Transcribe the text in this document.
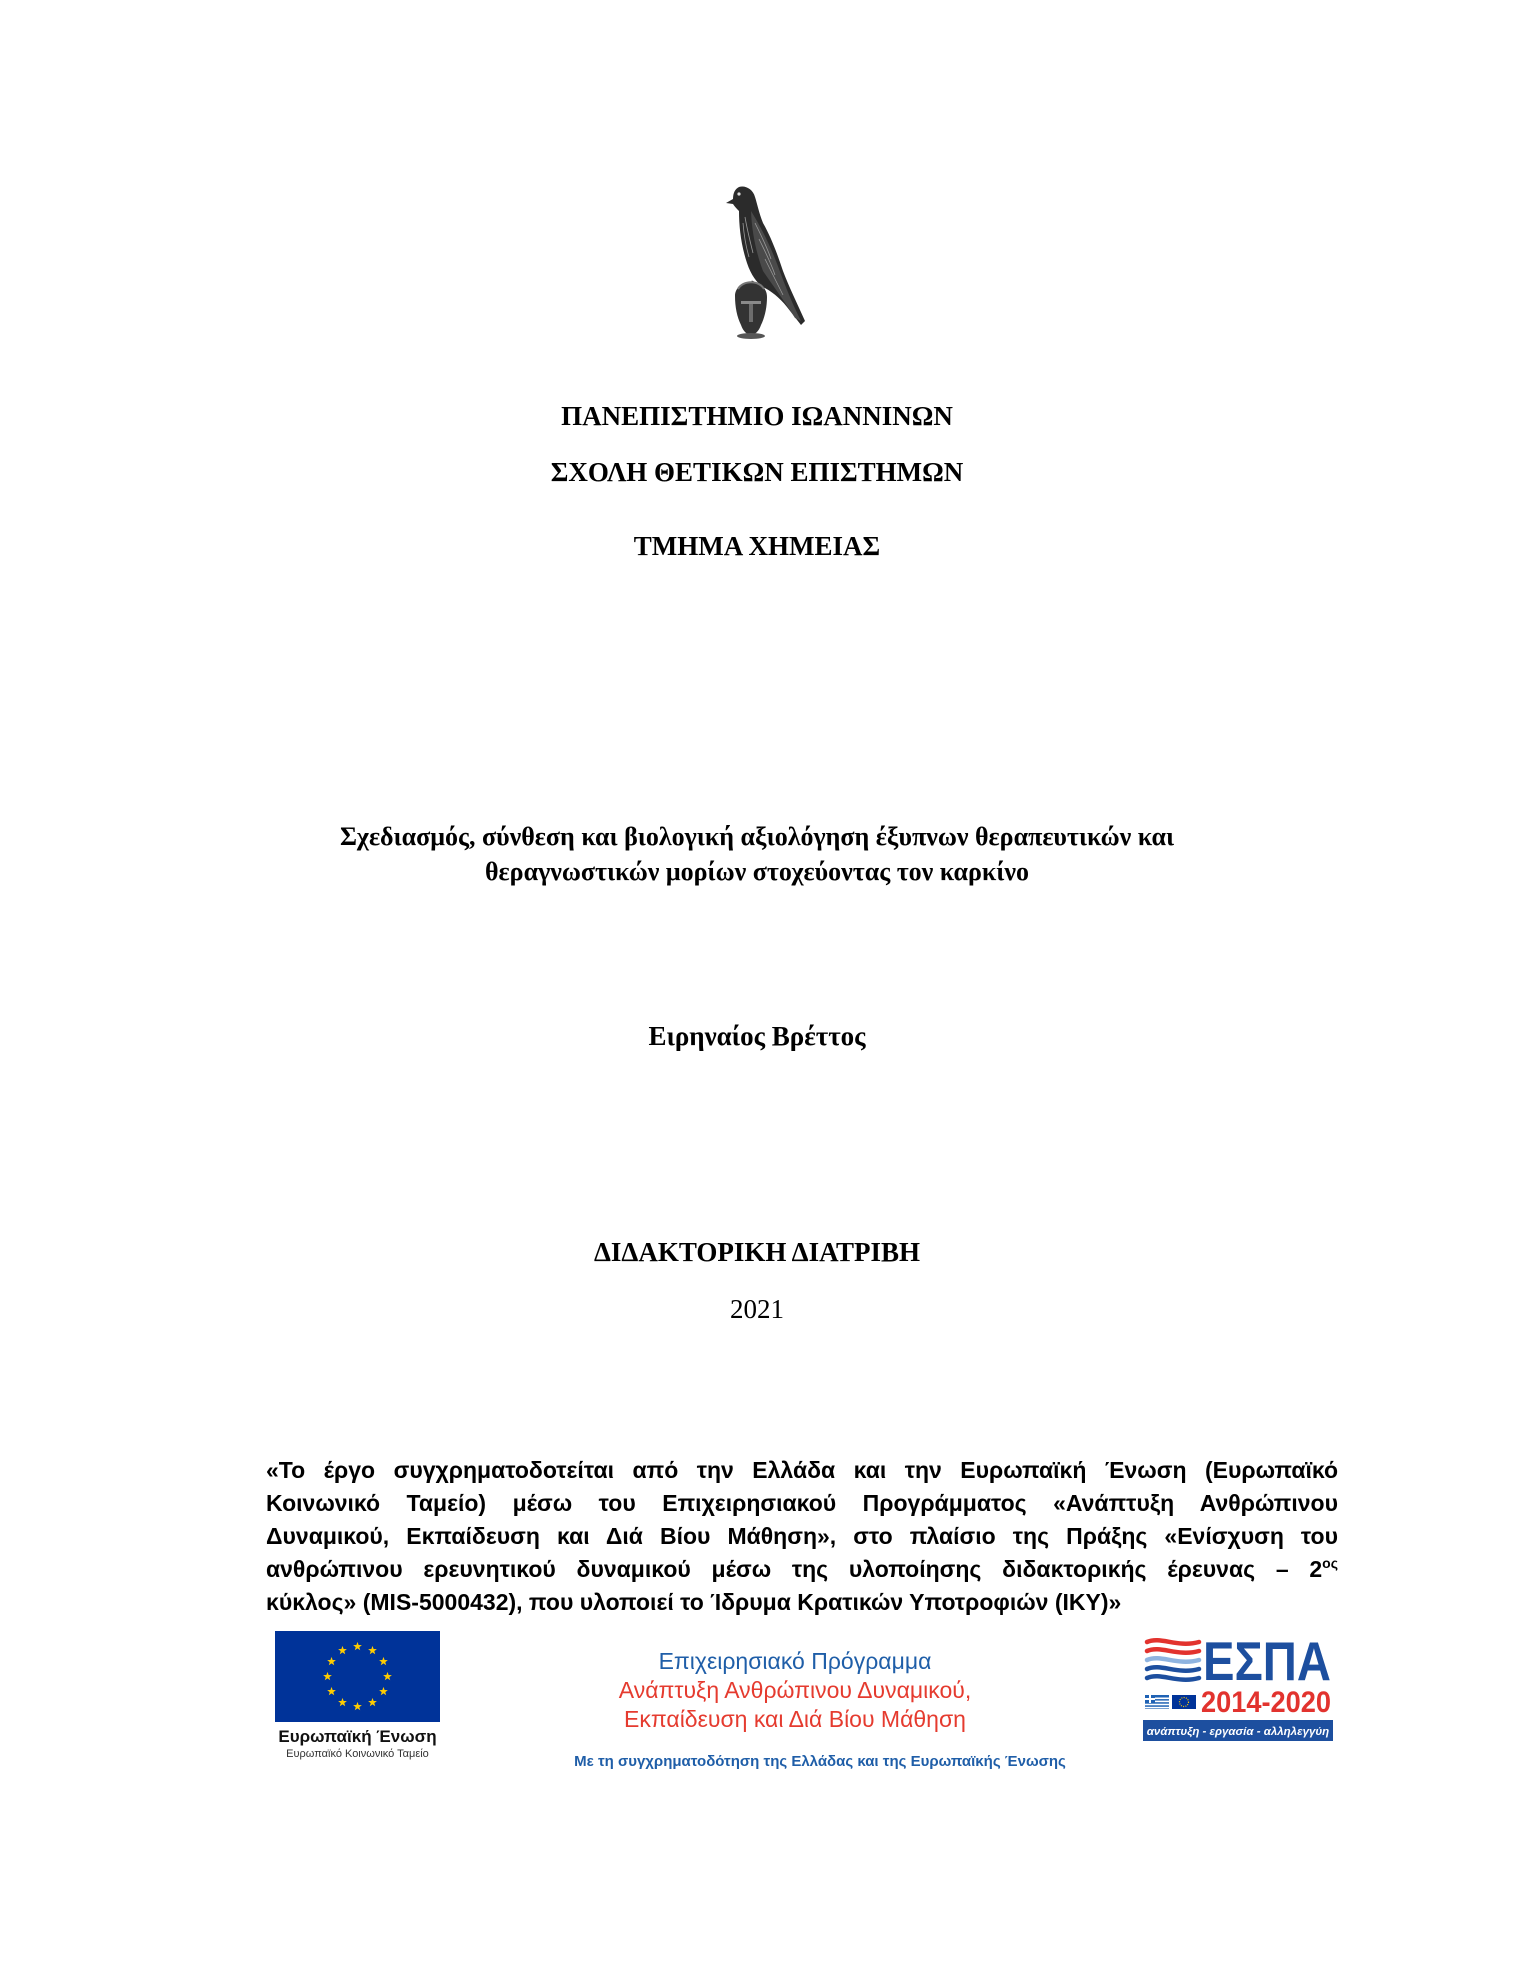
ΠΑΝΕΠΙΣΤΗΜΙΟ ΙΩΑΝΝΙΝΩΝ
ΣΧΟΛΗ ΘΕΤΙΚΩΝ ΕΠΙΣΤΗΜΩΝ
ΤΜΗΜΑ ΧΗΜΕΙΑΣ
Σχεδιασμός, σύνθεση και βιολογική αξιολόγηση έξυπνων θεραπευτικών και
θεραγνωστικών μορίων στοχεύοντας τον καρκίνο
Ειρηναίος Βρέττος
ΔΙΔΑΚΤΟΡΙΚΗ ΔΙΑΤΡΙΒΗ
2021
«Το έργο συγχρηματοδοτείται από την Ελλάδα και την Ευρωπαϊκή Ένωση (Ευρωπαϊκό
Κοινωνικό Ταμείο) μέσω του Επιχειρησιακού Προγράμματος «Ανάπτυξη Ανθρώπινου
Δυναμικού, Εκπαίδευση και Διά Βίου Μάθηση», στο πλαίσιο της Πράξης «Ενίσχυση του
ανθρώπινου ερευνητικού δυναμικού μέσω της υλοποίησης διδακτορικής έρευνας – $2^{o\varsigma}$
κύκλος» (MIS-5000432), που υλοποιεί το Ίδρυμα Κρατικών Υποτροφιών (ΙΚΥ)»
Ευρωπαϊκή Ένωση
Ευρωπαϊκό Κοινωνικό Ταμείο
Επιχειρησιακό Πρόγραμμα
Ανάπτυξη Ανθρώπινου Δυναμικού,
Εκπαίδευση και Διά Βίου Μάθηση
Με τη συγχρηματοδότηση της Ελλάδας και της Ευρωπαϊκής Ένωσης
ΕΣΠΑ
2014-2020
ανάπτυξη - εργασία - αλληλεγγύη
